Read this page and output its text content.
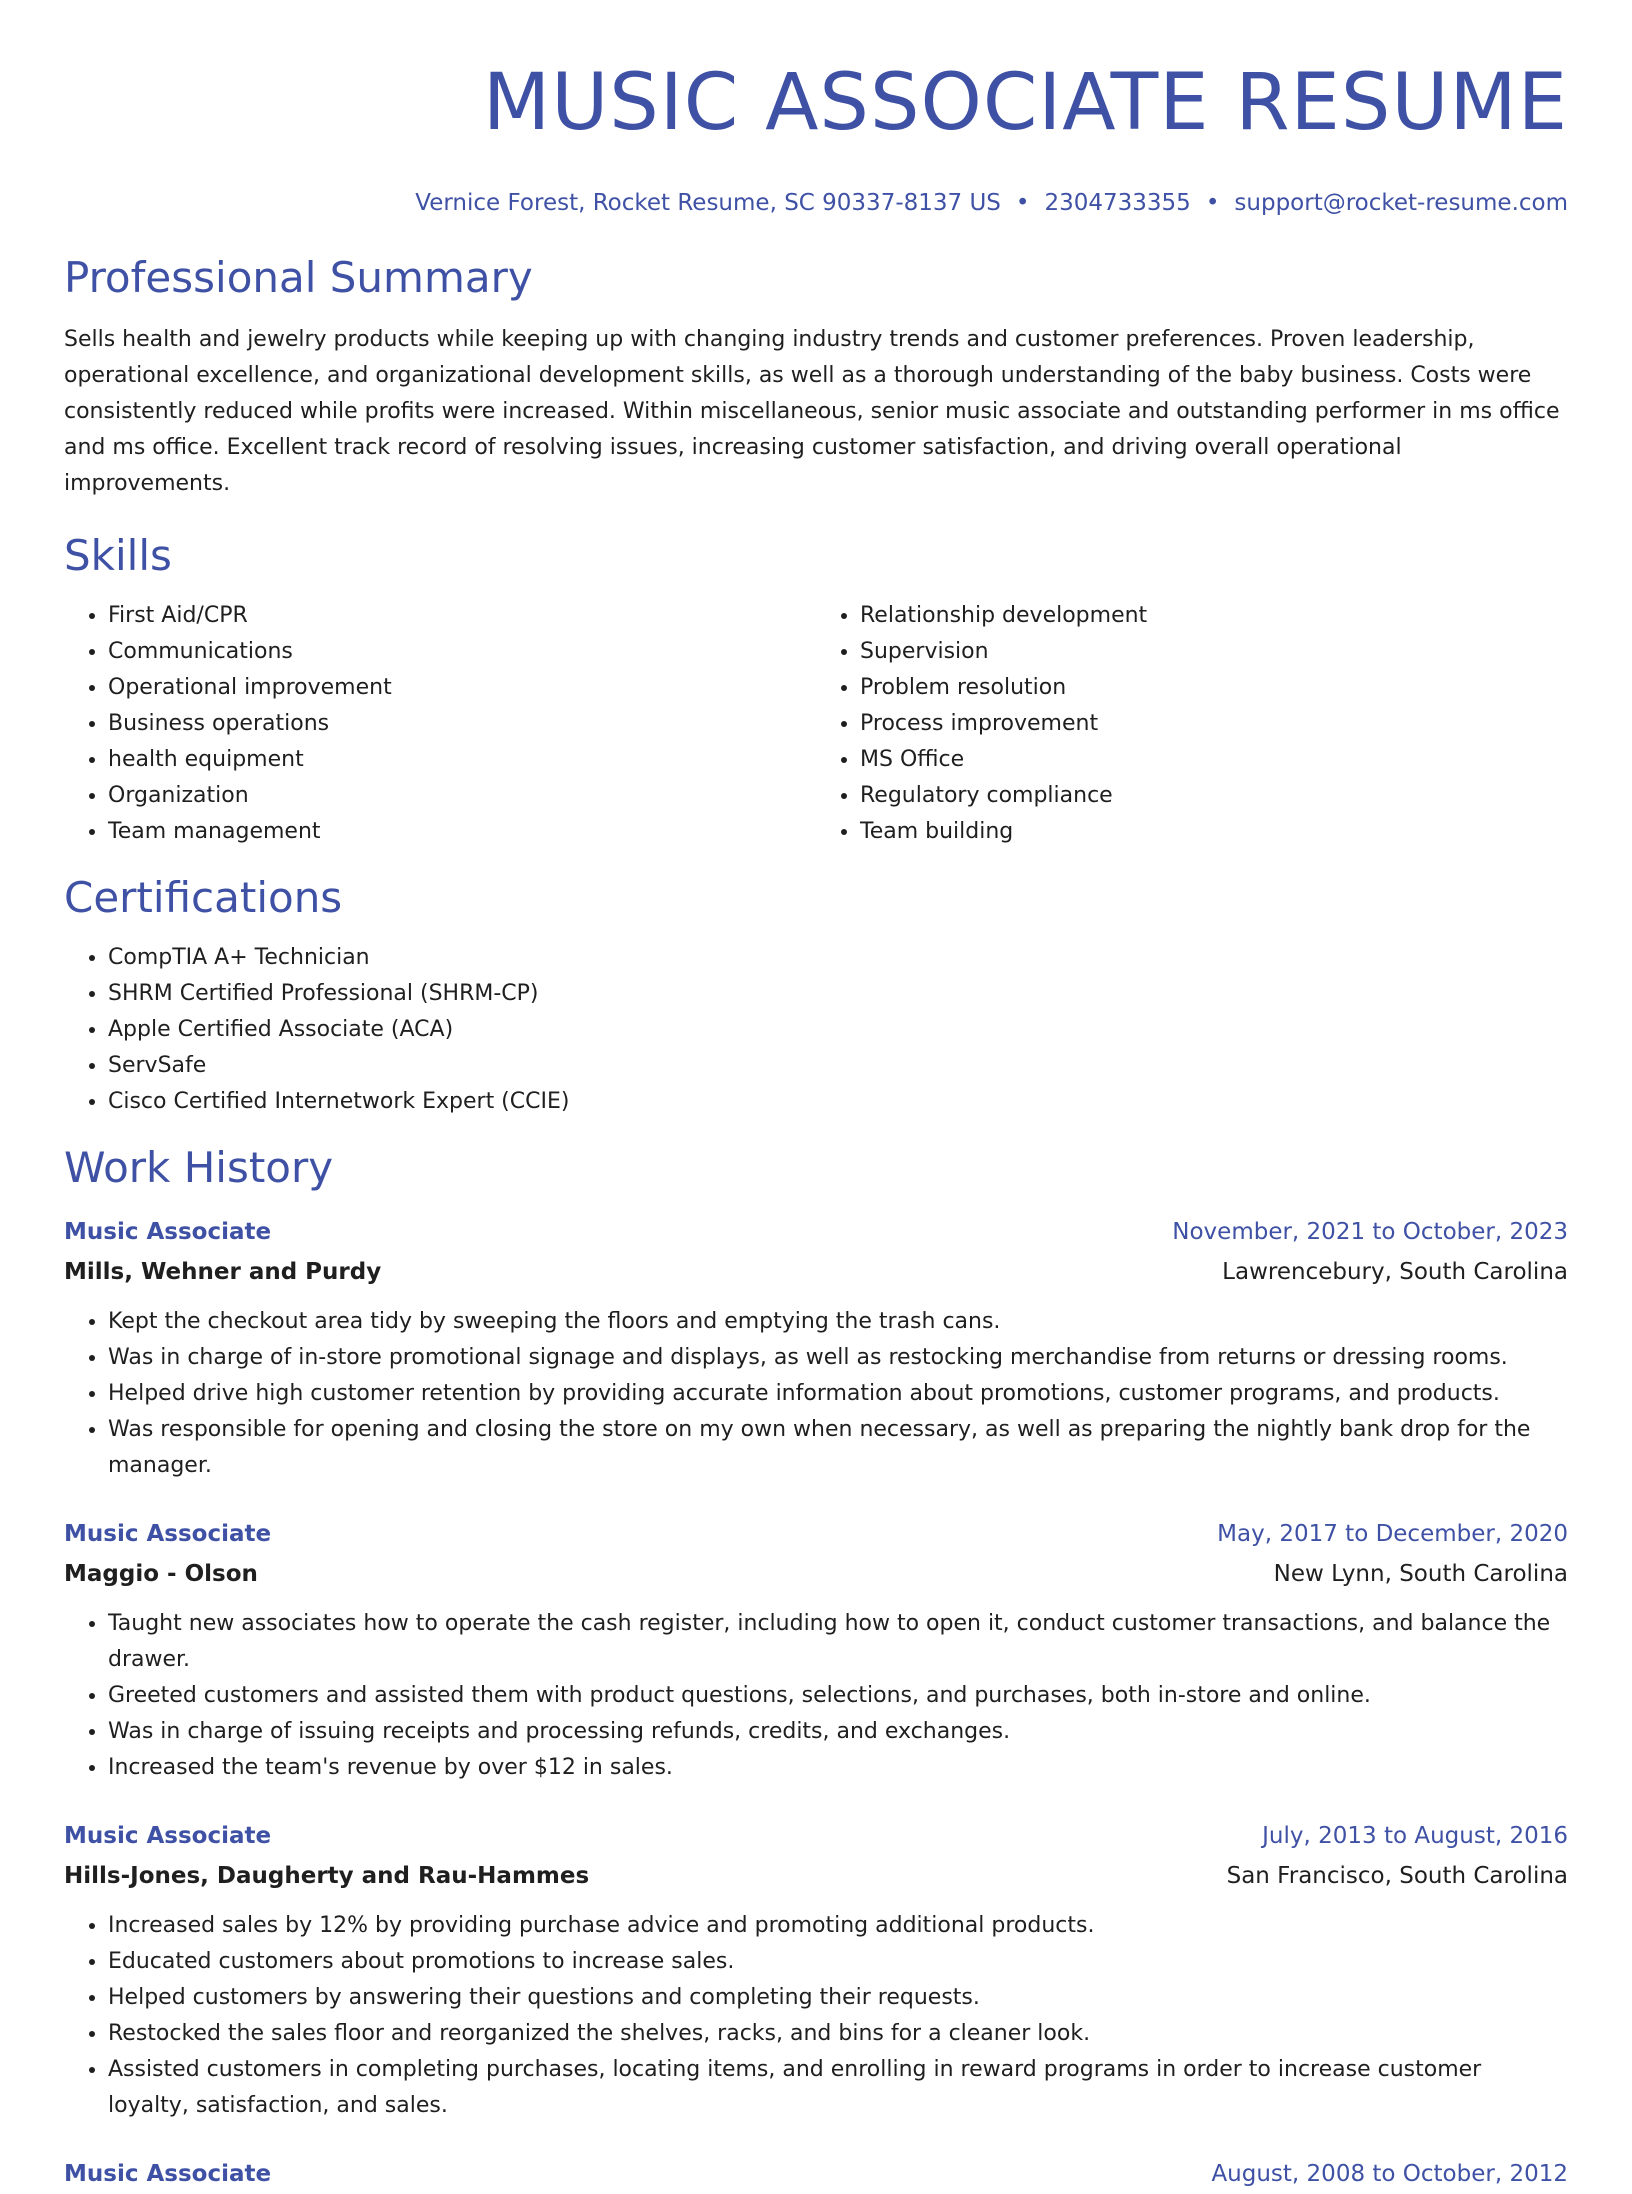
MUSIC ASSOCIATE RESUME
Vernice Forest, Rocket Resume, SC 90337-8137 US • 2304733355 • support@rocket-resume.com
Professional Summary
Sells health and jewelry products while keeping up with changing industry trends and customer preferences. Proven leadership, operational excellence, and organizational development skills, as well as a thorough understanding of the baby business. Costs were consistently reduced while profits were increased. Within miscellaneous, senior music associate and outstanding performer in ms office and ms office. Excellent track record of resolving issues, increasing customer satisfaction, and driving overall operational improvements.
Skills
• First Aid/CPR
• Communications
• Operational improvement
• Business operations
• health equipment
• Organization
• Team management
• Relationship development
• Supervision
• Problem resolution
• Process improvement
• MS Office
• Regulatory compliance
• Team building
Certifications
• CompTIA A+ Technician
• SHRM Certified Professional (SHRM-CP)
• Apple Certified Associate (ACA)
• ServSafe
• Cisco Certified Internetwork Expert (CCIE)
Work History
Music Associate	November, 2021 to October, 2023
Mills, Wehner and Purdy	Lawrencebury, South Carolina
• Kept the checkout area tidy by sweeping the floors and emptying the trash cans.
• Was in charge of in-store promotional signage and displays, as well as restocking merchandise from returns or dressing rooms.
• Helped drive high customer retention by providing accurate information about promotions, customer programs, and products.
• Was responsible for opening and closing the store on my own when necessary, as well as preparing the nightly bank drop for the manager.
Music Associate	May, 2017 to December, 2020
Maggio - Olson	New Lynn, South Carolina
• Taught new associates how to operate the cash register, including how to open it, conduct customer transactions, and balance the drawer.
• Greeted customers and assisted them with product questions, selections, and purchases, both in-store and online.
• Was in charge of issuing receipts and processing refunds, credits, and exchanges.
• Increased the team's revenue by over $12 in sales.
Music Associate	July, 2013 to August, 2016
Hills-Jones, Daugherty and Rau-Hammes	San Francisco, South Carolina
• Increased sales by 12% by providing purchase advice and promoting additional products.
• Educated customers about promotions to increase sales.
• Helped customers by answering their questions and completing their requests.
• Restocked the sales floor and reorganized the shelves, racks, and bins for a cleaner look.
• Assisted customers in completing purchases, locating items, and enrolling in reward programs in order to increase customer loyalty, satisfaction, and sales.
Music Associate	August, 2008 to October, 2012
